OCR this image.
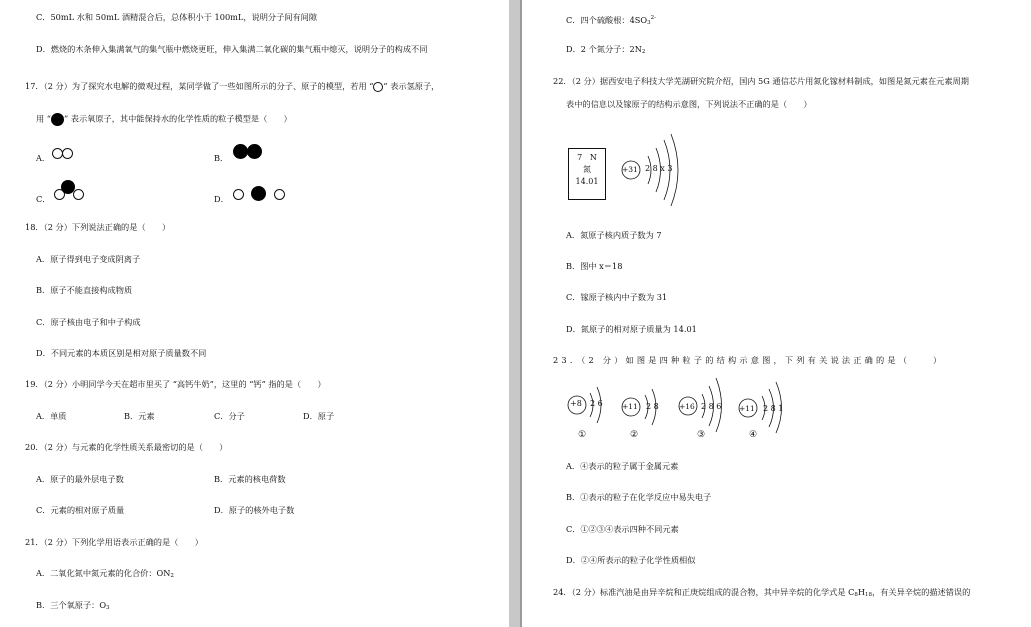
C．50mL 水和 50mL 酒精混合后，总体积小于 100mL，说明分子间有间隙
D．燃烧的木条伸入集满氧气的集气瓶中燃烧更旺，伸入集满二氧化碳的集气瓶中熄灭，说明分子的构成不同
17．（2 分）为了探究水电解的微观过程，某同学做了一些如图所示的分子、原子的模型，若用 “ ” 表示氢原子，
用 “ ” 表示氧原子，其中能保持水的化学性质的粒子模型是（　　）
A．	B．
C．	D．
18．（2 分）下列说法正确的是（　　）
A．原子得到电子变成阴离子
B．原子不能直接构成物质
C．原子核由电子和中子构成
D．不同元素的本质区别是相对原子质量数不同
19．（2 分）小明同学今天在超市里买了 “高钙牛奶”，这里的 “钙” 指的是（　　）
A．单质	B．元素	C．分子	D．原子
20．（2 分）与元素的化学性质关系最密切的是（　　）
A．原子的最外层电子数	B．元素的核电荷数
C．元素的相对原子质量	D．原子的核外电子数
21．（2 分）下列化学用语表示正确的是（　　）
A．二氧化氮中氮元素的化合价：ON2
B．三个氧原子：O3
C．四个硫酸根：$4SO3^{2-}$
D．2 个氮分子：2N2
22．（2 分）据西安电子科技大学芜湖研究院介绍，国内 5G 通信芯片用氮化镓材料制成，如图是氮元素在元素周期
表中的信息以及镓原子的结构示意图，下列说法不正确的是（　　）
7 N
氮
14.01
+31 2 8 x 3
A．氮原子核内质子数为 7
B．图中 x＝18
C．镓原子核内中子数为 31
D．氮原子的相对原子质量为 14.01
23．（2 分）如图是四种粒子的结构示意图，下列有关说法正确的是（　　）
+8 2 6
①
+11 2 8
②
+16 2 8 6
③
+11 2 8 1
④
A．④表示的粒子属于金属元素
B．①表示的粒子在化学反应中易失电子
C．①②③④表示四种不同元素
D．②④所表示的粒子化学性质相似
24．（2 分）标准汽油是由异辛烷和正庚烷组成的混合物，其中异辛烷的化学式是 C8H18，有关异辛烷的描述错误的
